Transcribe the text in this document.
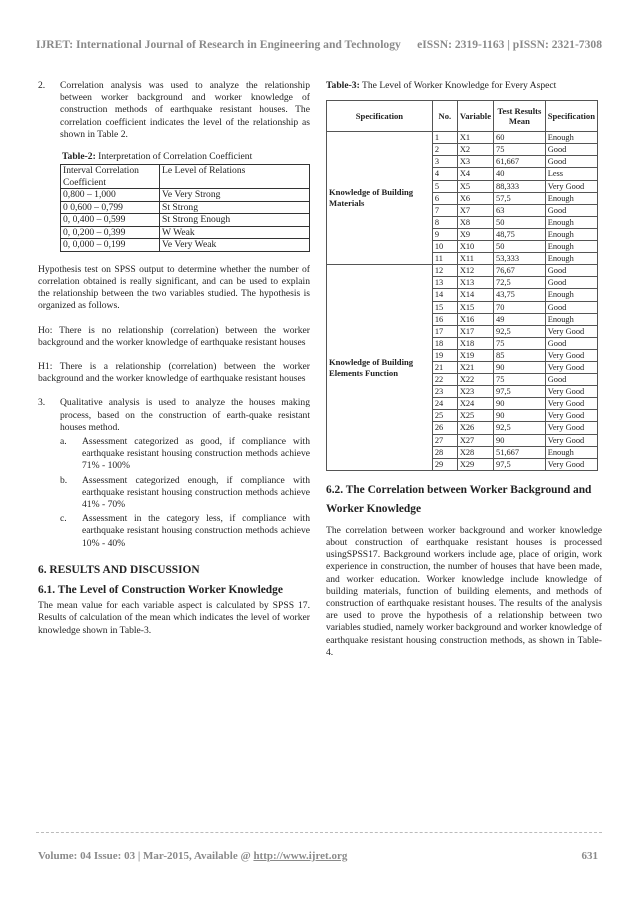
IJRET: International Journal of Research in Engineering and Technology eISSN: 2319-1163 | pISSN: 2321-7308
2.	Correlation analysis was used to analyze the relationship between worker background and worker knowledge of construction methods of earthquake resistant houses. The correlation coefficient indicates the level of the relationship as shown in Table 2.
Table-2: Interpretation of Correlation Coefficient
Interval Correlation Coefficient	Le Level of Relations
0,800 – 1,000	Ve Very Strong
0 0,600 – 0,799	St Strong
0, 0,400 – 0,599	St Strong Enough
0, 0,200 – 0,399	W Weak
0, 0,000 – 0,199	Ve Very Weak

Hypothesis test on SPSS output to determine whether the number of correlation obtained is really significant, and can be used to explain the relationship between the two variables studied. The hypothesis is organized as follows.

Ho: There is no relationship (correlation) between the worker background and the worker knowledge of earthquake resistant houses

H1: There is a relationship (correlation) between the worker background and the worker knowledge of earthquake resistant houses

3.	Qualitative analysis is used to analyze the houses making process, based on the construction of earth-quake resistant houses method.
a.	Assessment categorized as good, if compliance with earthquake resistant housing construction methods achieve 71% - 100%
b.	Assessment categorized enough, if compliance with earthquake resistant housing construction methods achieve 41% - 70%
c.	Assessment in the category less, if compliance with earthquake resistant housing construction methods achieve 10% - 40%
6. RESULTS AND DISCUSSION
6.1. The Level of Construction Worker Knowledge

The mean value for each variable aspect is calculated by SPSS 17. Results of calculation of the mean which indicates the level of worker knowledge shown in Table-3.

Table-3: The Level of Worker Knowledge for Every Aspect
Specification	No.	Variable	Test Results Mean	Specification
Knowledge of Building Materials	1	X1	60	Enough
	2	X2	75	Good
	3	X3	61,667	Good
	4	X4	40	Less
	5	X5	88,333	Very Good
	6	X6	57,5	Enough
	7	X7	63	Good
	8	X8	50	Enough
	9	X9	48,75	Enough
	10	X10	50	Enough
	11	X11	53,333	Enough
Knowledge of Building Elements Function	12	X12	76,67	Good
	13	X13	72,5	Good
	14	X14	43,75	Enough
	15	X15	70	Good
	16	X16	49	Enough
	17	X17	92,5	Very Good
	18	X18	75	Good
	19	X19	85	Very Good
	21	X21	90	Very Good
	22	X22	75	Good
	23	X23	97,5	Very Good
	24	X24	90	Very Good
	25	X25	90	Very Good
	26	X26	92,5	Very Good
	27	X27	90	Very Good
	28	X28	51,667	Enough
	29	X29	97,5	Very Good
6.2. The Correlation between Worker Background and Worker Knowledge

The correlation between worker background and worker knowledge about construction of earthquake resistant houses is processed usingSPSS17. Background workers include age, place of origin, work experience in construction, the number of houses that have been made, and worker education. Worker knowledge include knowledge of building materials, function of building elements, and methods of construction of earthquake resistant houses. The results of the analysis are used to prove the hypothesis of a relationship between two variables studied, namely worker background and worker knowledge of earthquake resistant housing construction methods, as shown in Table-4.

Volume: 04 Issue: 03 | Mar-2015, Available @ http://www.ijret.org	631
